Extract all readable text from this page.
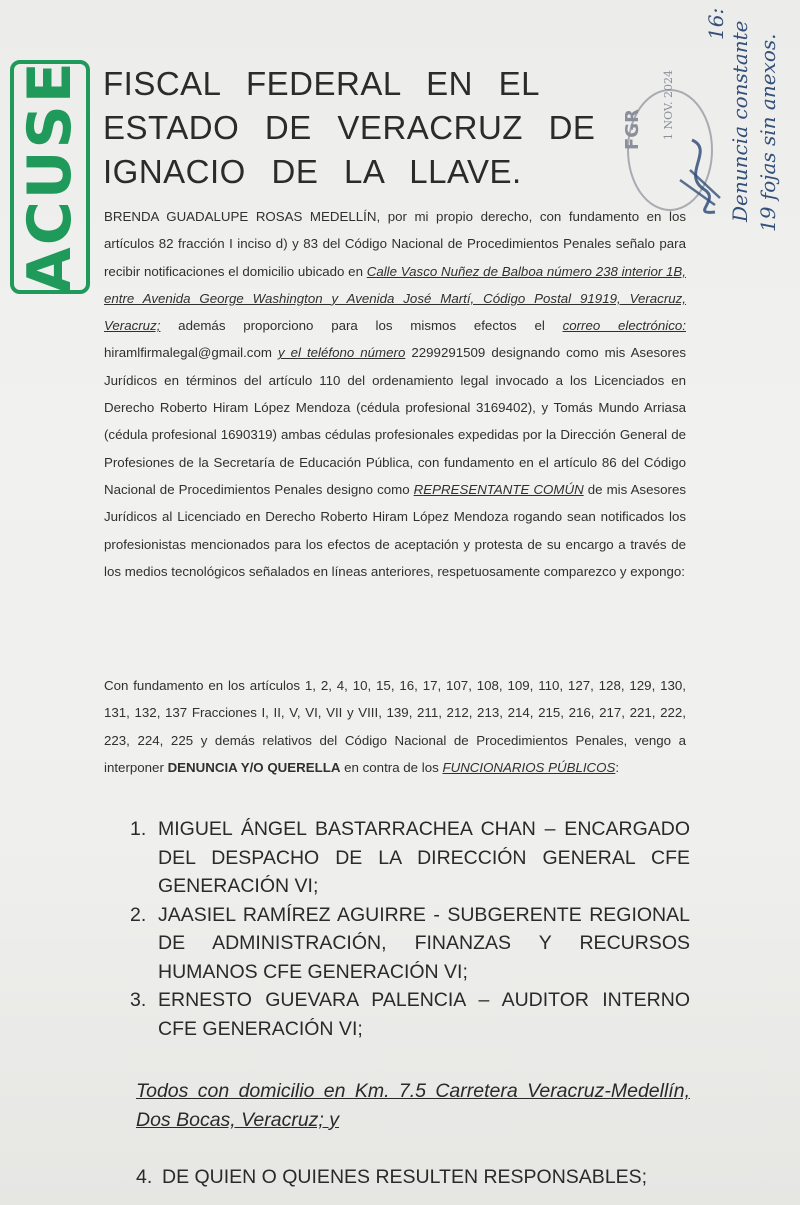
ACUSE	FGR 1 NOV. 2024
16: Denuncia constante 19 fojas sin anexos.
FISCAL FEDERAL EN EL ESTADO DE VERACRUZ DE IGNACIO DE LA LLAVE.

BRENDA GUADALUPE ROSAS MEDELLÍN, por mi propio derecho, con fundamento en los artículos 82 fracción I inciso d) y 83 del Código Nacional de Procedimientos Penales señalo para recibir notificaciones el domicilio ubicado en Calle Vasco Nuñez de Balboa número 238 interior 1B, entre Avenida George Washington y Avenida José Martí, Código Postal 91919, Veracruz, Veracruz; además proporciono para los mismos efectos el correo electrónico: hiramlfirmalegal@gmail.com y el teléfono número 2299291509 designando como mis Asesores Jurídicos en términos del artículo 110 del ordenamiento legal invocado a los Licenciados en Derecho Roberto Hiram López Mendoza (cédula profesional 3169402), y Tomás Mundo Arriasa (cédula profesional 1690319) ambas cédulas profesionales expedidas por la Dirección General de Profesiones de la Secretaría de Educación Pública, con fundamento en el artículo 86 del Código Nacional de Procedimientos Penales designo como REPRESENTANTE COMÚN de mis Asesores Jurídicos al Licenciado en Derecho Roberto Hiram López Mendoza rogando sean notificados los profesionistas mencionados para los efectos de aceptación y protesta de su encargo a través de los medios tecnológicos señalados en líneas anteriores, respetuosamente comparezco y expongo:

Con fundamento en los artículos 1, 2, 4, 10, 15, 16, 17, 107, 108, 109, 110, 127, 128, 129, 130, 131, 132, 137 Fracciones I, II, V, VI, VII y VIII, 139, 211, 212, 213, 214, 215, 216, 217, 221, 222, 223, 224, 225 y demás relativos del Código Nacional de Procedimientos Penales, vengo a interponer DENUNCIA Y/O QUERELLA en contra de los FUNCIONARIOS PÚBLICOS:
1. MIGUEL ÁNGEL BASTARRACHEA CHAN – ENCARGADO DEL DESPACHO DE LA DIRECCIÓN GENERAL CFE GENERACIÓN VI;
2. JAASIEL RAMÍREZ AGUIRRE - SUBGERENTE REGIONAL DE ADMINISTRACIÓN, FINANZAS Y RECURSOS HUMANOS CFE GENERACIÓN VI;
3. ERNESTO GUEVARA PALENCIA – AUDITOR INTERNO CFE GENERACIÓN VI;
Todos con domicilio en Km. 7.5 Carretera Veracruz-Medellín, Dos Bocas, Veracruz; y
4. DE QUIEN O QUIENES RESULTEN RESPONSABLES;
